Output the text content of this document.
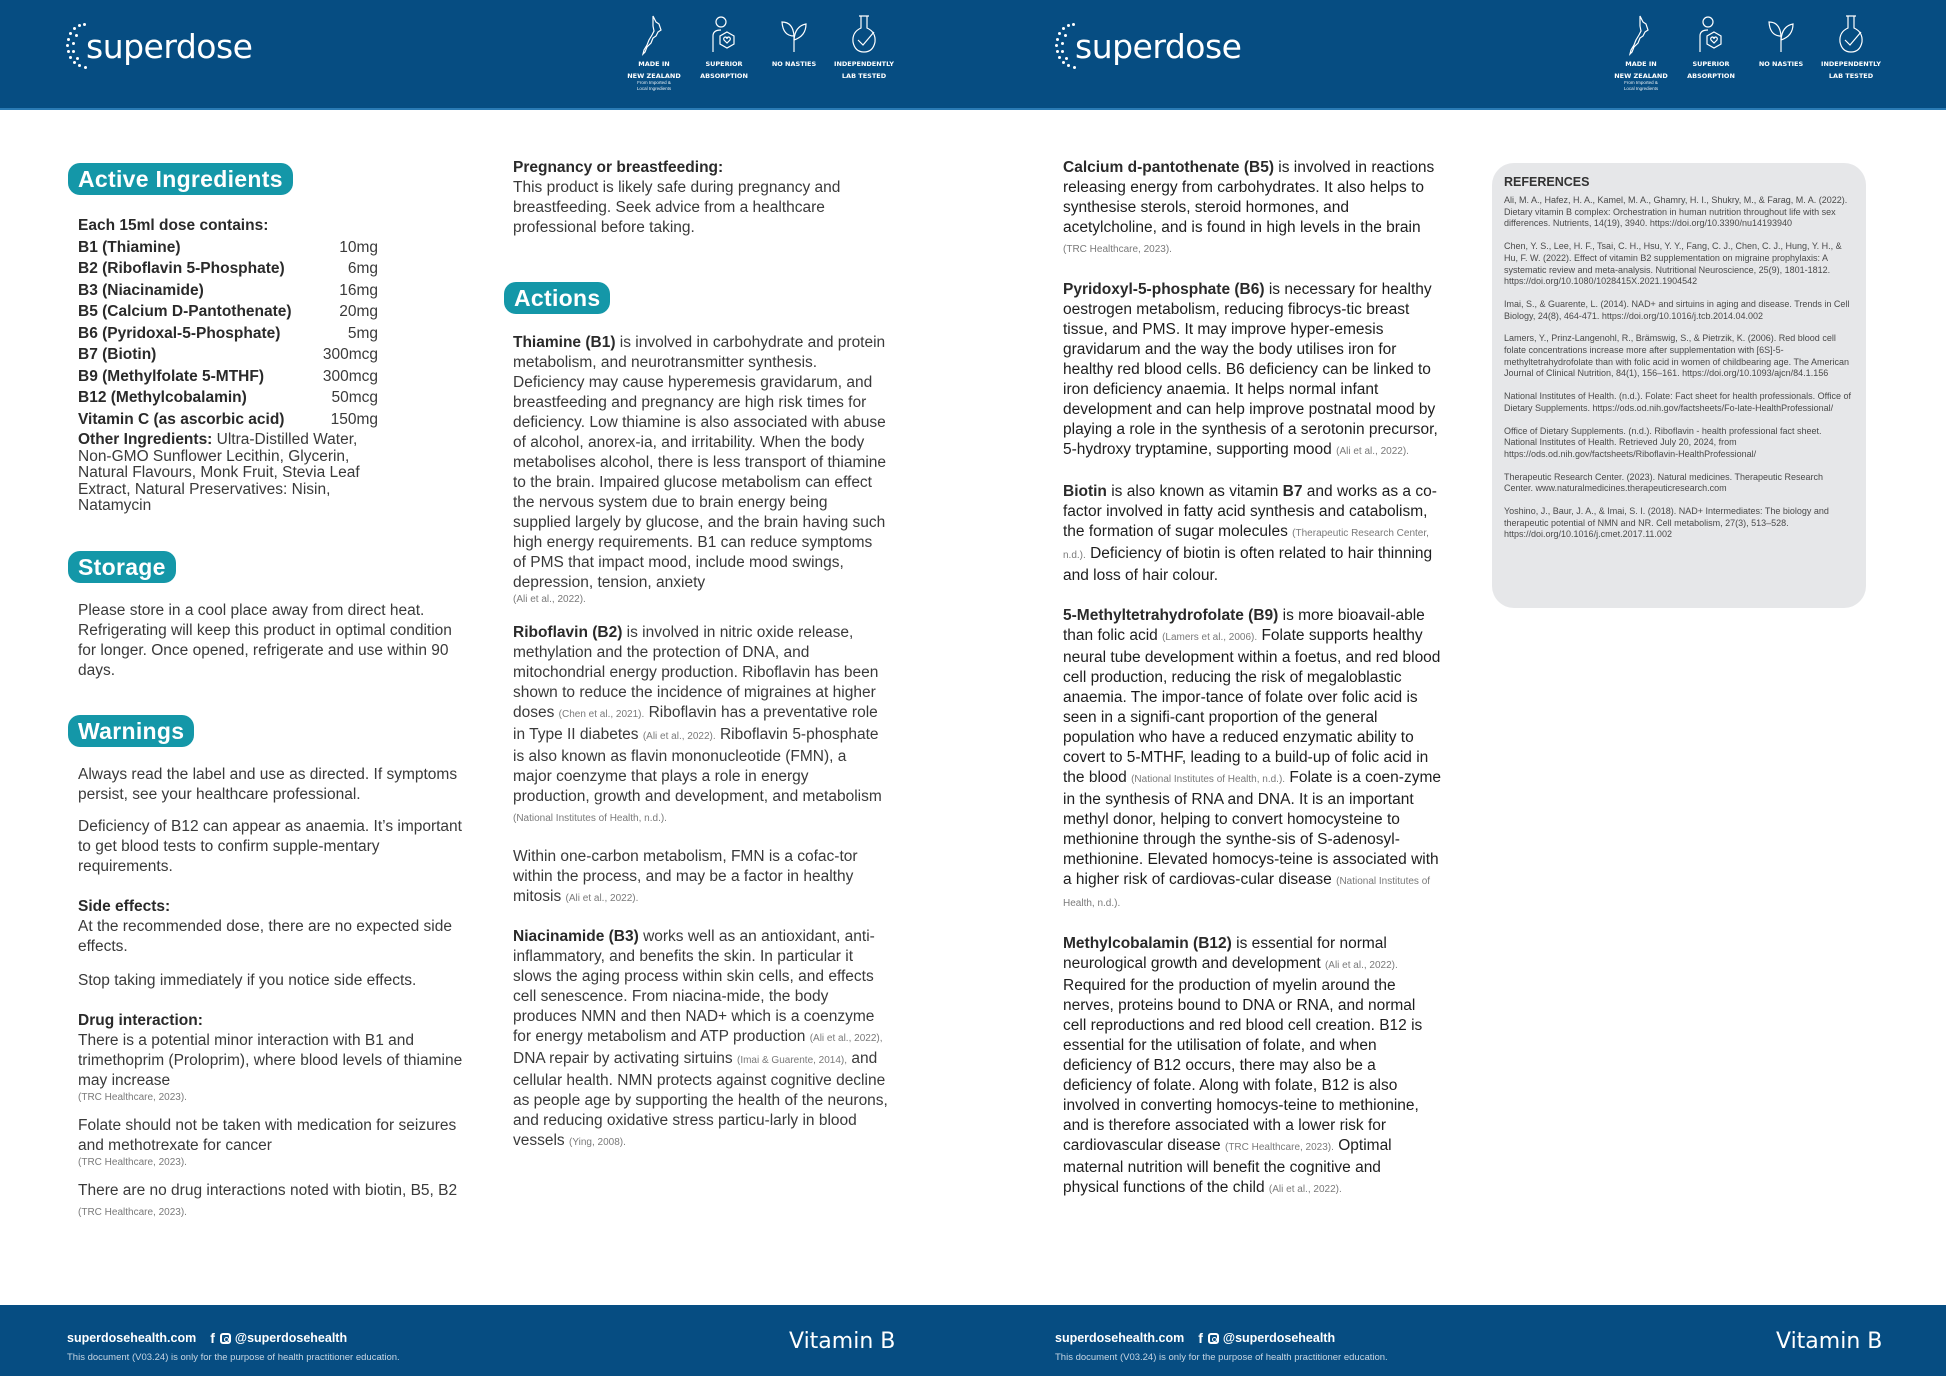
superdose	MADE IN
NEW ZEALAND
From Imported &
Local Ingredients
SUPERIOR
ABSORPTION
NO NASTIES	INDEPENDENTLY
LAB TESTED
superdose	MADE IN
NEW ZEALAND
From Imported &
Local Ingredients
SUPERIOR
ABSORPTION
NO NASTIES	INDEPENDENTLY
LAB TESTED
Active Ingredients
Each 15ml dose contains:
B1 (Thiamine)	10mg
B2 (Riboflavin 5-Phosphate)	6mg
B3 (Niacinamide)	16mg
B5 (Calcium D-Pantothenate)	20mg
B6 (Pyridoxal-5-Phosphate)	5mg
B7 (Biotin)	300mcg
B9 (Methylfolate 5-MTHF)	300mcg
B12 (Methylcobalamin)	50mcg
Vitamin C (as ascorbic acid)	150mg

Other Ingredients: Ultra-Distilled Water, Non-GMO Sunflower Lecithin, Glycerin, Natural Flavours, Monk Fruit, Stevia Leaf Extract, Natural Preservatives: Nisin, Natamycin

Storage

Please store in a cool place away from direct heat. Refrigerating will keep this product in optimal condition for longer. Once opened, refrigerate and use within 90 days.

Warnings

Always read the label and use as directed. If symptoms persist, see your healthcare professional.

Deficiency of B12 can appear as anaemia. It’s important to get blood tests to confirm supple-mentary requirements.

Side effects:

At the recommended dose, there are no expected side effects.

Stop taking immediately if you notice side effects.

Drug interaction:

There is a potential minor interaction with B1 and trimethoprim (Proloprim), where blood levels of thiamine may increase

(TRC Healthcare, 2023).

Folate should not be taken with medication for seizures and methotrexate for cancer

(TRC Healthcare, 2023).

There are no drug interactions noted with biotin, B5, B2 (TRC Healthcare, 2023).

Pregnancy or breastfeeding:

This product is likely safe during pregnancy and breastfeeding. Seek advice from a healthcare professional before taking.

Actions

Thiamine (B1) is involved in carbohydrate and protein metabolism, and neurotransmitter synthesis. Deficiency may cause hyperemesis gravidarum, and breastfeeding and pregnancy are high risk times for deficiency. Low thiamine is also associated with abuse of alcohol, anorex-ia, and irritability. When the body metabolises alcohol, there is less transport of thiamine to the brain. Impaired glucose metabolism can effect the nervous system due to brain energy being supplied largely by glucose, and the brain having such high energy requirements. B1 can reduce symptoms of PMS that impact mood, include mood swings, depression, tension, anxiety

(Ali et al., 2022).

Riboflavin (B2) is involved in nitric oxide release, methylation and the protection of DNA, and mitochondrial energy production. Riboflavin has been shown to reduce the incidence of migraines at higher doses (Chen et al., 2021). Riboflavin has a preventative role in Type II diabetes (Ali et al., 2022). Riboflavin 5-phosphate is also known as flavin mononucleotide (FMN), a major coenzyme that plays a role in energy production, growth and development, and metabolism (National Institutes of Health, n.d.).

Within one-carbon metabolism, FMN is a cofac-tor within the process, and may be a factor in healthy mitosis (Ali et al., 2022).

Niacinamide (B3) works well as an antioxidant, anti-inflammatory, and benefits the skin. In particular it slows the aging process within skin cells, and effects cell senescence. From niacina-mide, the body produces NMN and then NAD+ which is a coenzyme for energy metabolism and ATP production (Ali et al., 2022), DNA repair by activating sirtuins (Imai & Guarente, 2014), and cellular health. NMN protects against cognitive decline as people age by supporting the health of the neurons, and reducing oxidative stress particu-larly in blood vessels (Ying, 2008).

Calcium d-pantothenate (B5) is involved in reactions releasing energy from carbohydrates. It also helps to synthesise sterols, steroid hormones, and acetylcholine, and is found in high levels in the brain (TRC Healthcare, 2023).

Pyridoxyl-5-phosphate (B6) is necessary for healthy oestrogen metabolism, reducing fibrocys-tic breast tissue, and PMS. It may improve hyper-emesis gravidarum and the way the body utilises iron for healthy red blood cells. B6 deficiency can be linked to iron deficiency anaemia. It helps normal infant development and can help improve postnatal mood by playing a role in the synthesis of a serotonin precursor, 5-hydroxy tryptamine, supporting mood (Ali et al., 2022).

Biotin is also known as vitamin B7 and works as a co-factor involved in fatty acid synthesis and catabolism, the formation of sugar molecules (Therapeutic Research Center, n.d.). Deficiency of biotin is often related to hair thinning and loss of hair colour.

5-Methyltetrahydrofolate (B9) is more bioavail-able than folic acid (Lamers et al., 2006). Folate supports healthy neural tube development within a foetus, and red blood cell production, reducing the risk of megaloblastic anaemia. The impor-tance of folate over folic acid is seen in a signifi-cant proportion of the general population who have a reduced enzymatic ability to covert to 5-MTHF, leading to a build-up of folic acid in the blood (National Institutes of Health, n.d.). Folate is a coen-zyme in the synthesis of RNA and DNA. It is an important methyl donor, helping to convert homocysteine to methionine through the synthe-sis of S-adenosyl-methionine. Elevated homocys-teine is associated with a higher risk of cardiovas-cular disease (National Institutes of Health, n.d.).

Methylcobalamin (B12) is essential for normal neurological growth and development (Ali et al., 2022). Required for the production of myelin around the nerves, proteins bound to DNA or RNA, and normal cell reproductions and red blood cell creation. B12 is essential for the utilisation of folate, and when deficiency of B12 occurs, there may also be a deficiency of folate. Along with folate, B12 is also involved in converting homocys-teine to methionine, and is therefore associated with a lower risk for cardiovascular disease (TRC Healthcare, 2023). Optimal maternal nutrition will benefit the cognitive and physical functions of the child (Ali et al., 2022).

REFERENCES

Ali, M. A., Hafez, H. A., Kamel, M. A., Ghamry, H. I., Shukry, M., & Farag, M. A. (2022). Dietary vitamin B complex: Orchestration in human nutrition throughout life with sex differences. Nutrients, 14(19), 3940. https://doi.org/10.3390/nu14193940

Chen, Y. S., Lee, H. F., Tsai, C. H., Hsu, Y. Y., Fang, C. J., Chen, C. J., Hung, Y. H., & Hu, F. W. (2022). Effect of vitamin B2 supplementation on migraine prophylaxis: A systematic review and meta-analysis. Nutritional Neuroscience, 25(9), 1801-1812. https://doi.org/10.1080/1028415X.2021.1904542

Imai, S., & Guarente, L. (2014). NAD+ and sirtuins in aging and disease. Trends in Cell Biology, 24(8), 464-471. https://doi.org/10.1016/j.tcb.2014.04.002

Lamers, Y., Prinz-Langenohl, R., Brämswig, S., & Pietrzik, K. (2006). Red blood cell folate concentrations increase more after supplementation with [6S]-5-methyltetrahydrofolate than with folic acid in women of childbearing age. The American Journal of Clinical Nutrition, 84(1), 156–161. https://doi.org/10.1093/ajcn/84.1.156

National Institutes of Health. (n.d.). Folate: Fact sheet for health professionals. Office of Dietary Supplements. https://ods.od.nih.gov/factsheets/Fo-late-HealthProfessional/

Office of Dietary Supplements. (n.d.). Riboflavin - health professional fact sheet. National Institutes of Health. Retrieved July 20, 2024, from https://ods.od.nih.gov/factsheets/Riboflavin-HealthProfessional/

Therapeutic Research Center. (2023). Natural medicines. Therapeutic Research Center. www.naturalmedicines.therapeuticresearch.com

Yoshino, J., Baur, J. A., & Imai, S. I. (2018). NAD+ Intermediates: The biology and therapeutic potential of NMN and NR. Cell metabolism, 27(3), 513–528. https://doi.org/10.1016/j.cmet.2017.11.002

superdosehealth.com f @superdosehealth
This document (V03.24) is only for the purpose of health practitioner education.
Vitamin B	superdosehealth.com f @superdosehealth
This document (V03.24) is only for the purpose of health practitioner education.
Vitamin B
